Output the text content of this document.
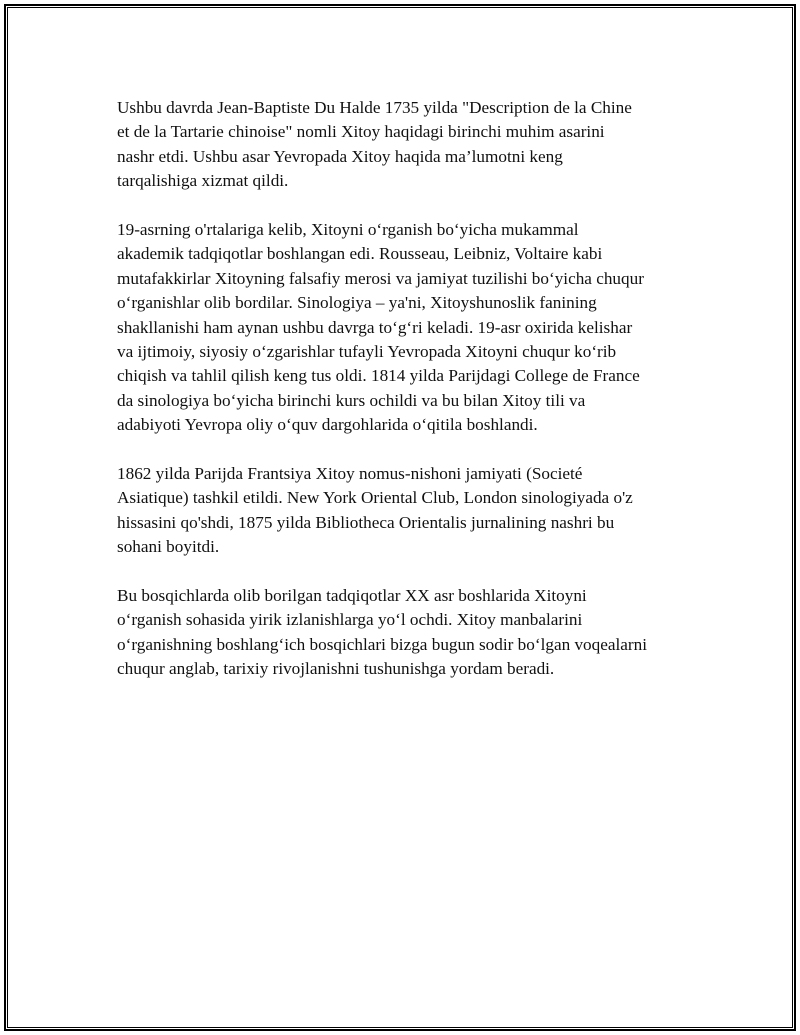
Ushbu davrda Jean-Baptiste Du Halde 1735 yilda "Description de la Chine
et de la Tartarie chinoise" nomli Xitoy haqidagi birinchi muhim asarini
nashr etdi. Ushbu asar Yevropada Xitoy haqida ma’lumotni keng
tarqalishiga xizmat qildi.

19-asrning o'rtalariga kelib, Xitoyni o‘rganish bo‘yicha mukammal
akademik tadqiqotlar boshlangan edi. Rousseau, Leibniz, Voltaire kabi
mutafakkirlar Xitoyning falsafiy merosi va jamiyat tuzilishi bo‘yicha chuqur
o‘rganishlar olib bordilar. Sinologiya – ya'ni, Xitoyshunoslik fanining
shakllanishi ham aynan ushbu davrga to‘g‘ri keladi. 19-asr oxirida kelishar
va ijtimoiy, siyosiy o‘zgarishlar tufayli Yevropada Xitoyni chuqur ko‘rib
chiqish va tahlil qilish keng tus oldi. 1814 yilda Parijdagi College de France
da sinologiya bo‘yicha birinchi kurs ochildi va bu bilan Xitoy tili va
adabiyoti Yevropa oliy o‘quv dargohlarida o‘qitila boshlandi.

1862 yilda Parijda Frantsiya Xitoy nomus-nishoni jamiyati (Societé
Asiatique) tashkil etildi. New York Oriental Club, London sinologiyada o'z
hissasini qo'shdi, 1875 yilda Bibliotheca Orientalis jurnalining nashri bu
sohani boyitdi.

Bu bosqichlarda olib borilgan tadqiqotlar XX asr boshlarida Xitoyni
o‘rganish sohasida yirik izlanishlarga yo‘l ochdi. Xitoy manbalarini
o‘rganishning boshlang‘ich bosqichlari bizga bugun sodir bo‘lgan voqealarni
chuqur anglab, tarixiy rivojlanishni tushunishga yordam beradi.
